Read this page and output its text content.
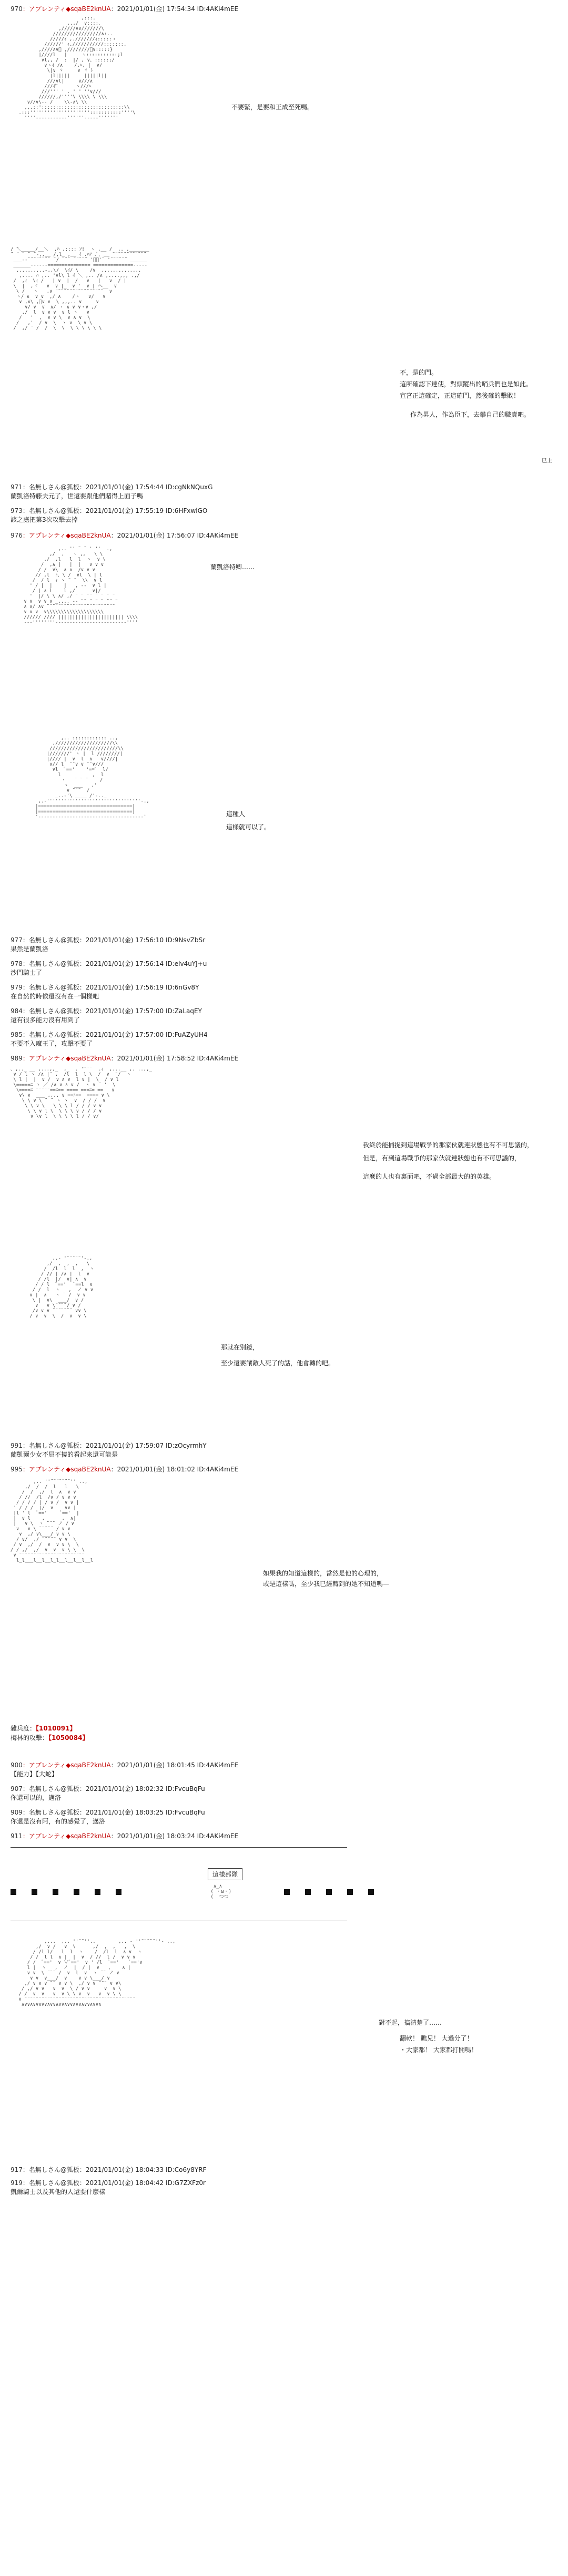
970：アプレンティ◆sqaBE2knUA：2021/01/01(金) 17:54:34 ID:4AKi4mEE
,:::.
,.,/  ∨:::;、
,/////∨∨///////\
/////////////////∧:..
/////ｲ ,.///////ｨ:::::ゝ
//////' ｨ.///////////:::::;:.
,////∧∨ﾞ ,////////ﾞ∨:::::}
|////l   |     ヽ:::::::::::;l
∨l,, /  :  |/ , ∨、:::::;/
∨ヽｲ /∧    /,ﾍ, |  ∨/
\|∨ ヾ     ∨ ヾ ﾄ
|l|||||     |||||l||
///∨l|     ∨///∧
///ｲ'ﾞ      ヽ///ﾍ
///''' ' . ' ' ''∨///
//////,/''''\ \\\\ \ \\\
∨//∨\-- /    \\-∧\ \\
,,.::':::::::::::::::::::::::::::::\\
.:::''''''''''''''''''''':::::::::::''''\
''''-----------''''''-----'''''''
不要緊，是要和王成至死嗎。
/ ̄＼_____/__＼  ,ﾊ ,:::: ｿ!  ヽ ,__ /  ,. ,_______
¨ ¨ ¨ ¨ ¨-,,__ /,l_ ,__ ｲ .ﾊｿ .ﾟ､ __ ¨¨¨¨¨¨¨¨¨¨¨¨
___--¨¨¨¨¨¨¨¨ ¨/ ¨¨¨ ¨¨¨¨¨ 'ﾟﾞ'¨ '¨¨¨¨¨¨ ______
______------=============== ==============-----
..........-,,\/  \ｲ/ \    /∨  ..............
,.... ﾊ ,.. '∨l\ l ｲ ＼ ,.. /∧ ,....,,, .,/
/  ,ｨ  \ｨ /   | ∨  |  /   ∨   |   ∨  / |
\  |  ,ヾ   ∨  ∨ |_  ∨ '  ∨ | ヘ__  ∨
\ /   ヽ   ,∨ ¨¨¨¨¨¨¨¨¨¨¨¨¨¨¨¨¨  ∨
ヽ/ ∧  ∨ ∨  ,/ ∧    /ヽ   ∨/   ∨
∨ ,∧\ ,ﾞ∨ ∨  \ ,,,.. ∨     ∨
∨/ ∨  ∨  ∧/ ヽ ∧ ∨ ∨ヽ∨ ,/
,/  l  ∨ ∨ ∨  ∨ l ヽ   ∨
/   '  ,  ∨ ∨ \  ∨ ∧ ∨  \
/   ,'  / ∨  \  ヽ ∨  \ ∨ \
/  ,/ ¨ /  /  \  \  \ \ \ \ \ \
不，是的門。
這所確認下達使，對頭蹤出的哨兵們也是如此。
宣宮正這確定，正這確門，然後確的擊敗！
作為男人，作為臣下，去攀自己的職責吧。
巳上
971：名無しさん@狐板：2021/01/01(金) 17:54:44 ID:cgNkNQuxG
蘭凱洛特藤夫元了，世還要跟他們賭得上面子嗎
973：名無しさん@狐板：2021/01/01(金) 17:55:19 ID:6HFxwlGO
該之處把第3次攻擊去掉
976：アプレンティ◆sqaBE2knUA：2021/01/01(金) 17:56:07 ID:4AKi4mEE
,.. '' ¨ ¨ ' ''  .,
,/  .   ヽ ,,   \ \
./  ,l   l  l  ヽ  ∨ \
/  ,∧ |   |  |   ∨ ∨ ∨
/ /  ∨\  ∧ ∧  /∨ ∨ ∨
// ,l  ﾄ、\ /  ∨l  \ | l
/  / l  ｨ ヽ ¨ ¨  \\  ∨ l
' / |  |    |   , -‐  ∨ l |
/ | ∧ l    l ,/      ∨|/
'  |/ \ \ ∧/ ,/ ¨ ¨ ¨¨ ¨ ¨ ¨ ¨
∨ ∨  ∨ ∨ ∨ _,,.. -- ¨¨ ¨ ¨ ¨ ¨¨ ¨
∧ ∧/ ∧∨ ¨¨¨¨¨¨¨¨¨¨¨¨¨¨¨¨¨¨¨¨¨¨¨¨
∨ ∨ ∨  ∨\\\\\\\\\\\\\\\\\\\\
////// //// ||||||||||||||||||||||| \\\\
---''''''''-------------------------''''
蘭凱洛特卿……
,.. :::::::::::: ..,
,////////////////////\\
////////////////////////\\
|///////' ヽ |  l ////////|
|//// |  ∨  l  ∧   ∨////|
∨// l  ̄ ̄ ∨ ∨ ̄ ̄ ∨///
∨l  ﾟ=='    '==ﾟ  l/
l           ,  l
ヽ   ¨ ¨ ¨    /
ヽ  ___   ,'
∨ ¨¨¨  /
_..-'\ ____ /'-.._
,.-'''''''''''''''''''''''''''''''''-.,
|=================================|
|=================================|
'-------------------------------------'	這種人
這樣就可以了。
977：名無しさん@狐板：2021/01/01(金) 17:56:10 ID:9NsvZbSr
果然是蘭凱洛
978：名無しさん@狐板：2021/01/01(金) 17:56:14 ID:elv4uYJ+u
沙門騎士了
979：名無しさん@狐板：2021/01/01(金) 17:56:19 ID:6nGv8Y
在自然的時候還沒有在一個樣吧
984：名無しさん@狐板：2021/01/01(金) 17:57:00 ID:ZaLaqEY
還有很多能力沒有用到了
985：名無しさん@狐板：2021/01/01(金) 17:57:00 ID:FuAZyUH4
不要不入魔王了，攻擊不要了
989：アプレンティ◆sqaBE2knUA：2021/01/01(金) 17:58:52 ID:4AKi4mEE
、,.._ __ ,...,,_  ,_  . ''ﾞ¨¨  .ｨ  ,...__ ,. ..,,_
∨ / l ヽ /∧ |¨ ,  /l  l  l \  /  ∨  ¨/  ヽ
\ l |  |  ∨ /  ∨ ∧ ∨  l ∨ |  \  / ∨ l
\=====ﾆ ヽ ／ /∧ ∨ ∧ ∨ /  ヽ ∨ ¨ '  \
\====ﾆ ¨¨¨¨¨==ﾆ== ==== ===ﾆ= ==   ∨
∨\ ∨  ___ ,,.. ∨ ==ﾆ==  ==== ∨ \
\ \ ∨ \ ¨ ¨ ヽ ヽ  ∨  / / /  ∨
\ \ ∨ \   \ \ \ l / / / ∨ ∨
\ \ ∨ l \  \ \ \ ∨ / / / ∨
∨ \∨ l  \ \ \ \ l / / ∨/
我終於能捕捉到這場戰爭的那家伙就連狀態也有不可思議的，
但是，有到這場戰爭的那家伙就連狀態也有不可思議的，
這麼的人也有裏面吧，不過全部最大的的英雄。
,.- '¨¨¨¨¨'-.,
,/  ,  ,  ,   \
/  /l  l  l  ,  ヽ
/ // | /∧ |  l  ∨
/ /l  |/  ∨| ∧  ∨
/ / l  ﾟ=='   ﾟ==l  ∨
/ /  l  ヽ   ,  ノ ∨ ∨
∨ |  ∧   ヽ ¨ /  ∨ ∨
\ |  ∨\  ___/  ∨ /
∨   ∨ \¨¨¨¨/ ∨ /
/∨ ∨ ∨ ¨¨¨¨¨¨¨ ∨∨ \
/ ∨  ∨  \  /  ∨  ∨ \
那就在別鏡，
至少還要讓敵人死了的話，他會轉的吧。
991：名無しさん@狐板：2021/01/01(金) 17:59:07 ID:zOcyrmhY
蘭凱爾少女不屈不撓的看起來還可能是
995：アプレンティ◆sqaBE2knUA：2021/01/01(金) 18:01:02 ID:4AKi4mEE
,.. ''¨¨¨¨¨¨¨'' ..,
,/  /  /  l   l   \
/  /  ,/  l  ∧  ∨ ∨
/ //  /l  /∨ / ∨ ∨ ∨
/ / / / | / ∨ /  ∨ ∨ |
' / / /  |/  ∨    ∨∨ |
|l ' l  ﾟ=='     ﾟ=='  |
|  ∨ l    ,      ,  ∧|
|   ∨ \  ヽ ¨¨¨ ノ / ∨
∨   ∨ \ ¨¨¨¨¨ / ∨ ∨
∨  ,/ ∨\___/ ∨ ∨ \
/ ∨/  ,/ ¨¨¨¨¨ ∨ ∨  \
/ ∨  ,/  /  ∨  ∨ ∨ \  \
/ / ,/  ,/  ∨  ∨  ∨ \ \  \
∨ ¨¨¨¨¨¨¨¨¨¨¨¨¨¨¨¨¨¨¨¨¨¨¨
l_l___l__l__l_l__l__l__l__l
如果我的知道這樣的，當然是他的心理的，
或是這樣嗎，至少我已經轉到的她不知道嗎—
雜兵度：【1010091】
梅林的攻擊：【1050084】
900：アプレンティ◆sqaBE2knUA：2021/01/01(金) 18:01:45 ID:4AKi4mEE
【能力】【大蛇】
907：名無しさん@狐板：2021/01/01(金) 18:02:32 ID:FvcuBqFu
你還可以的，邁洛
909：名無しさん@狐板：2021/01/01(金) 18:03:25 ID:FvcuBqFu
你還是沒有阿，有的感覺了，邁洛
911：アプレンティ◆sqaBE2knUA：2021/01/01(金) 18:03:24 ID:4AKi4mEE
這樣部隊
∧_∧
( ・ω・)
(  つつ
,...  ,.. ''¨¨''..        ,.. - ''¨¨¨¨¨''- ..,
,/  ∨ /   ∨  \      ,/  ,  ,   ,  \
/ /l l/   l  l  ヽ    /  /l  l  ∧ ∨  ヽ
/ /  l l  ∧ |  |  ∨  / //  l /  ∨ ∨ ∨
/ /  ﾟ=='  ∨ ∨ﾟ=='  ∨ ' /l  ﾟ=='    ﾟ=='∨
l |  ヽ   ,  ノ  |  / |  ∨   ,    ∧ |
∨ ∨  \ ¨¨¨ /  ∨  l  ∨  ヽ ¨¨ ノ ∨
∨ ∨  ∨___/  ∨    ∨ ∨ \___/ ∨
,/ ∨ ∨ ∨ ¨¨ ∨ ∨ \  ,/ ∨ ∨ ¨¨¨ ∨ ∨\
/ ,/ ∨ ∨   ∨  ∨  \ / ∨ ∨     ∨  ∨ \
/ /  ∨  ∨   ∨  ∨ \ \ ∨  ∨   ∨  ∨ \ \
∨ ¨¨¨¨¨¨¨¨¨¨¨¨¨¨¨¨¨¨¨¨¨¨¨¨¨¨¨¨¨¨¨¨¨¨¨¨¨¨¨
∧∨∨∧∨∨∧∨∨∧∨∨∧∨∨∧∨∨∧∨∨∧∨∨∧∨∨∧
對不起，搞清楚了……
翻軟！ 瞧兄！ 大過分了！
・大家都！ 大家都打開嗎！
917：名無しさん@狐板：2021/01/01(金) 18:04:33 ID:Co6y8YRF
919：名無しさん@狐板：2021/01/01(金) 18:04:42 ID:G7ZXFz0r
凱爾騎士以及其他的人還要什麼樣
